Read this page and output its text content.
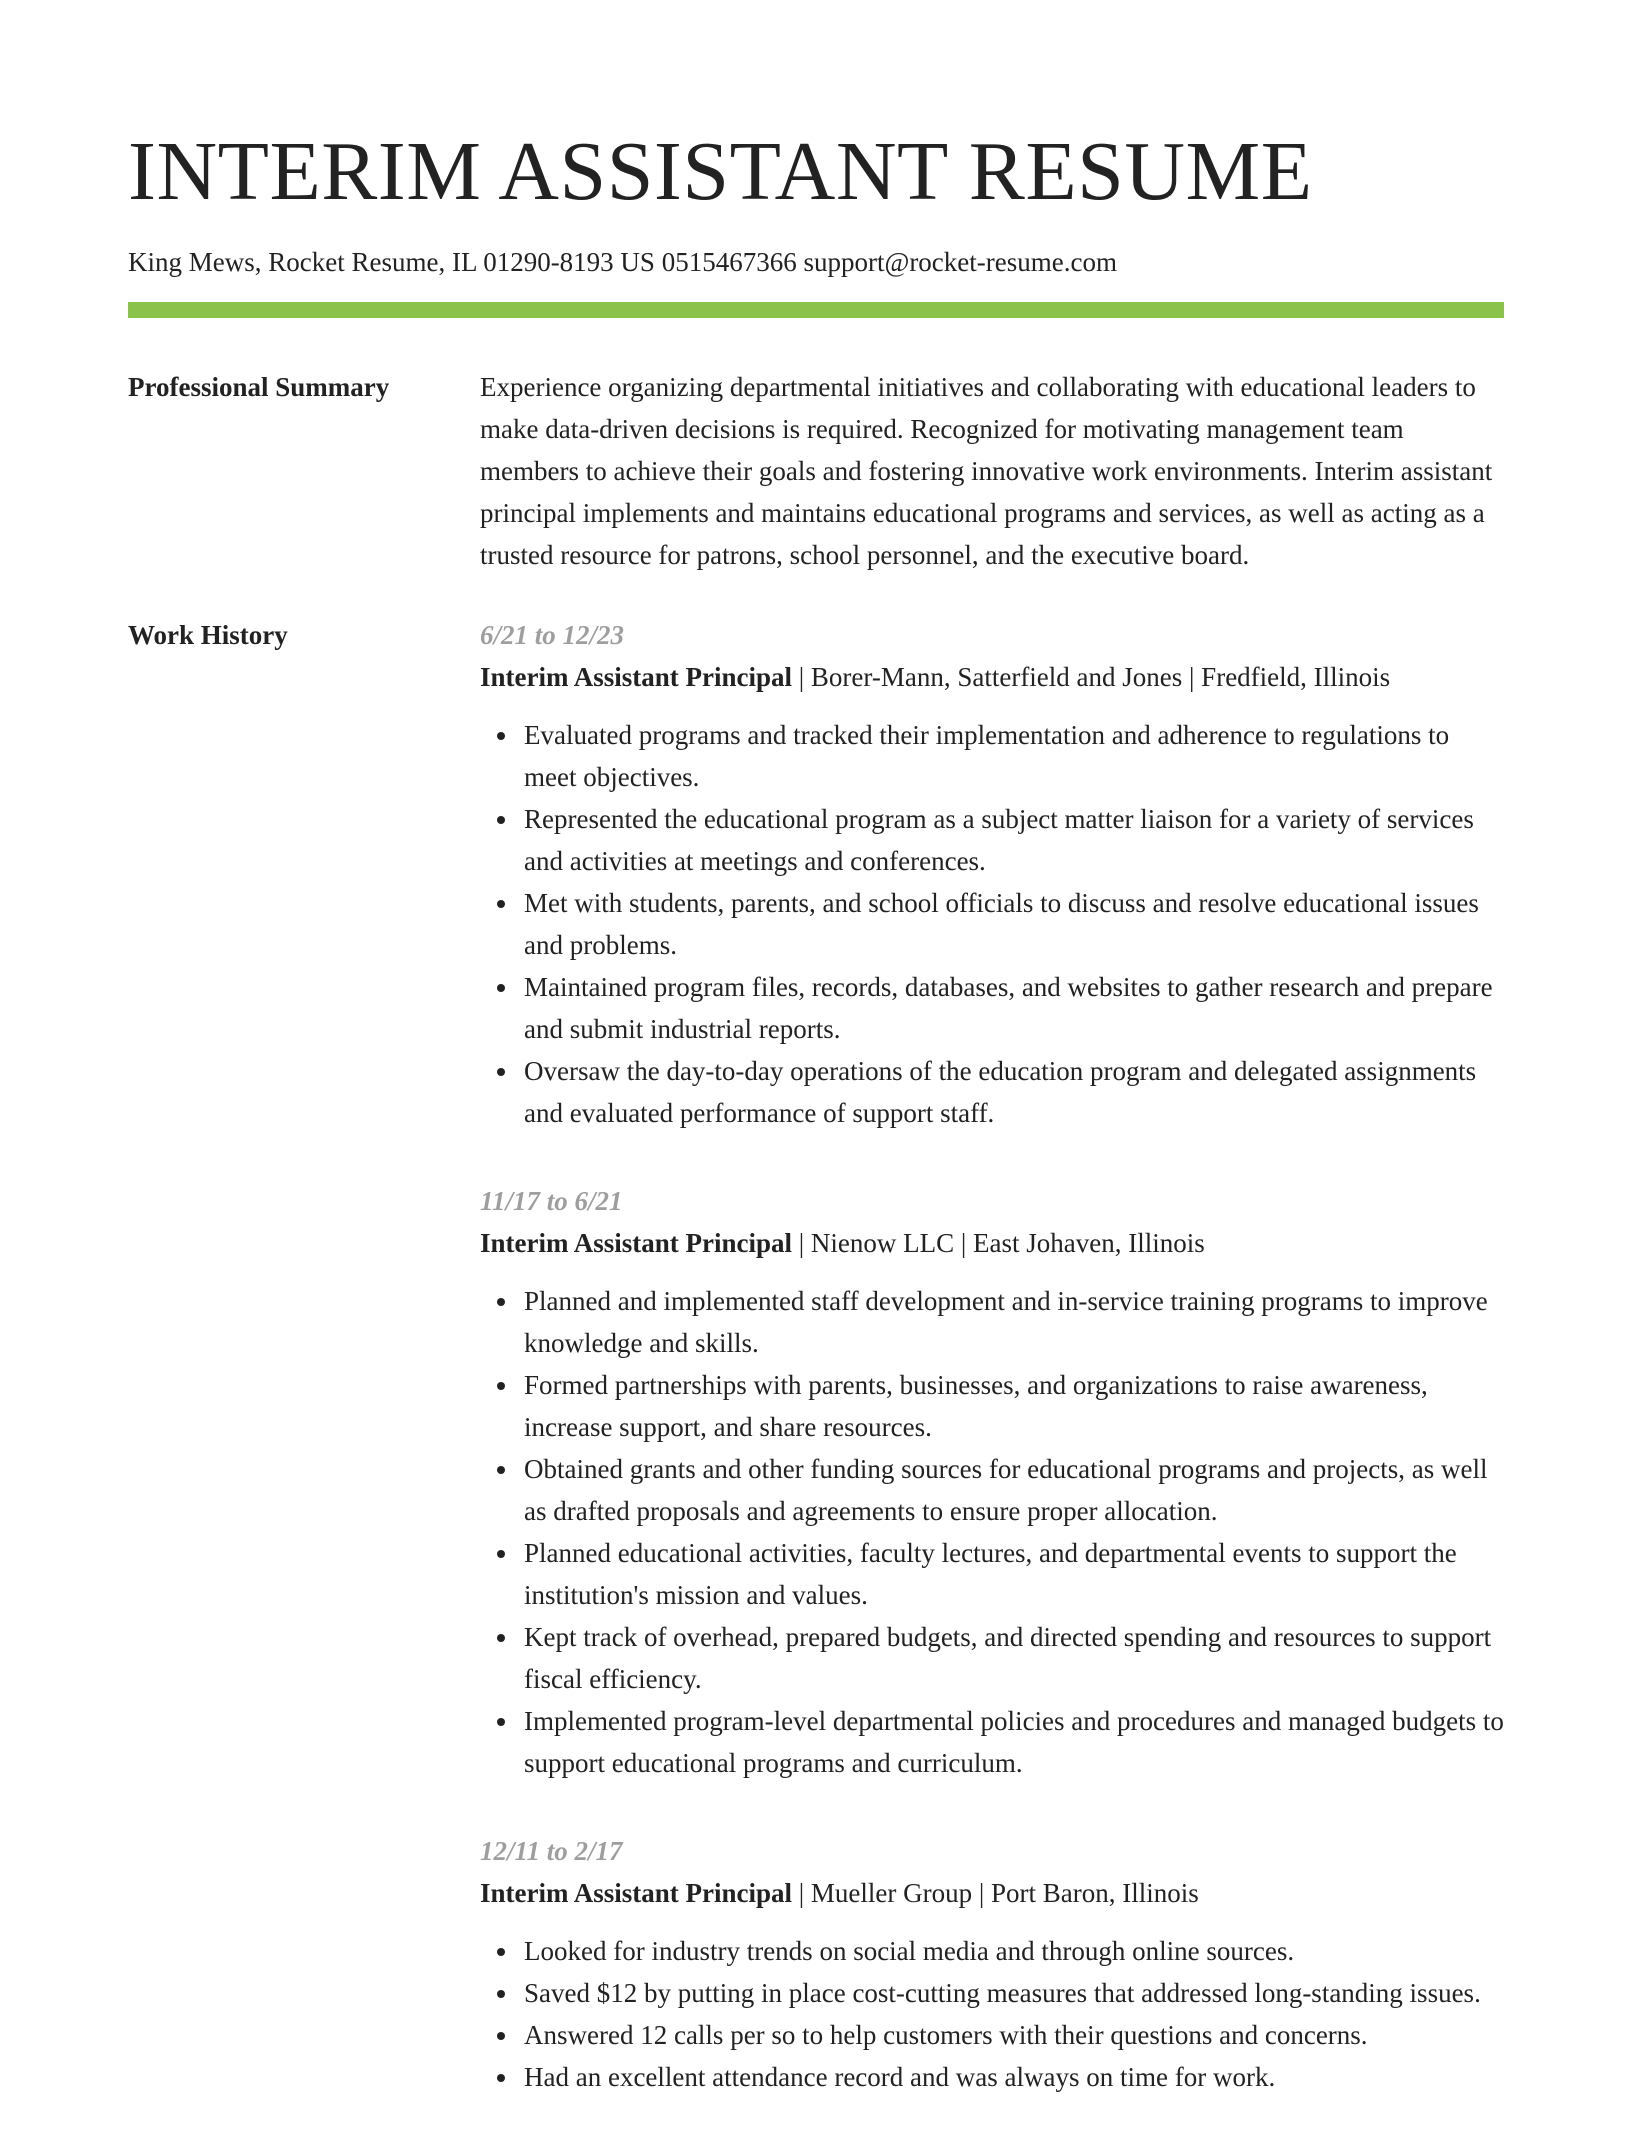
INTERIM ASSISTANT RESUME
King Mews, Rocket Resume, IL 01290-8193 US 0515467366 support@rocket-resume.com
Professional Summary	Experience organizing departmental initiatives and collaborating with educational leaders to make data-driven decisions is required. Recognized for motivating management team members to achieve their goals and fostering innovative work environments. Interim assistant principal implements and maintains educational programs and services, as well as acting as a trusted resource for patrons, school personnel, and the executive board.

Work History	6/21 to 12/23
Interim Assistant Principal | Borer-Mann, Satterfield and Jones | Fredfield, Illinois
Evaluated programs and tracked their implementation and adherence to regulations to meet objectives.
Represented the educational program as a subject matter liaison for a variety of services and activities at meetings and conferences.
Met with students, parents, and school officials to discuss and resolve educational issues and problems.
Maintained program files, records, databases, and websites to gather research and prepare and submit industrial reports.
Oversaw the day-to-day operations of the education program and delegated assignments and evaluated performance of support staff.
11/17 to 6/21
Interim Assistant Principal | Nienow LLC | East Johaven, Illinois
Planned and implemented staff development and in-service training programs to improve knowledge and skills.
Formed partnerships with parents, businesses, and organizations to raise awareness, increase support, and share resources.
Obtained grants and other funding sources for educational programs and projects, as well as drafted proposals and agreements to ensure proper allocation.
Planned educational activities, faculty lectures, and departmental events to support the institution's mission and values.
Kept track of overhead, prepared budgets, and directed spending and resources to support fiscal efficiency.
Implemented program-level departmental policies and procedures and managed budgets to support educational programs and curriculum.
12/11 to 2/17
Interim Assistant Principal | Mueller Group | Port Baron, Illinois
Looked for industry trends on social media and through online sources.
Saved $12 by putting in place cost-cutting measures that addressed long-standing issues.
Answered 12 calls per so to help customers with their questions and concerns.
Had an excellent attendance record and was always on time for work.
